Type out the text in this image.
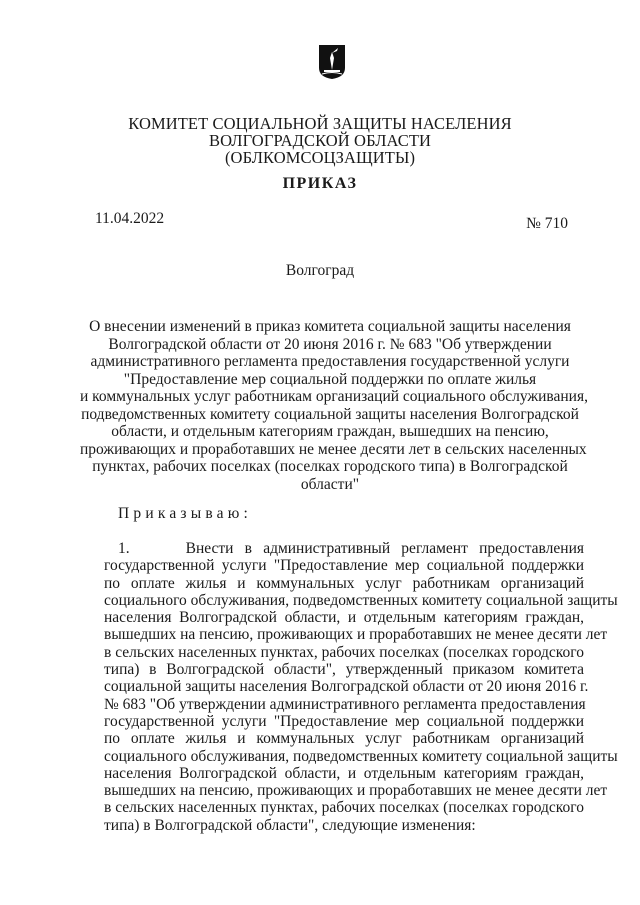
КОМИТЕТ СОЦИАЛЬНОЙ ЗАЩИТЫ НАСЕЛЕНИЯ
ВОЛГОГРАДСКОЙ ОБЛАСТИ
(ОБЛКОМСОЦЗАЩИТЫ)
ПРИКАЗ
11.04.2022	№ 710
Волгоград
О внесении изменений в приказ комитета социальной защиты населения
Волгоградской области от 20 июня 2016 г. № 683 "Об утверждении
административного регламента предоставления государственной услуги
"Предоставление мер социальной поддержки по оплате жилья
и коммунальных услуг работникам организаций социального обслуживания,
подведомственных комитету социальной защиты населения Волгоградской
области, и отдельным категориям граждан, вышедших на пенсию,
проживающих и проработавших не менее десяти лет в сельских населенных
пунктах, рабочих поселках (поселках городского типа) в Волгоградской
области"
Приказываю:
1.     Внести в административный регламент предоставления
государственной услуги "Предоставление мер социальной поддержки
по оплате жилья и коммунальных услуг работникам организаций
социального обслуживания, подведомственных комитету социальной защиты
населения Волгоградской области, и отдельным категориям граждан,
вышедших на пенсию, проживающих и проработавших не менее десяти лет
в сельских населенных пунктах, рабочих поселках (поселках городского
типа) в Волгоградской области", утвержденный приказом комитета
социальной защиты населения Волгоградской области от 20 июня 2016 г.
№ 683 "Об утверждении административного регламента предоставления
государственной услуги "Предоставление мер социальной поддержки
по оплате жилья и коммунальных услуг работникам организаций
социального обслуживания, подведомственных комитету социальной защиты
населения Волгоградской области, и отдельным категориям граждан,
вышедших на пенсию, проживающих и проработавших не менее десяти лет
в сельских населенных пунктах, рабочих поселках (поселках городского
типа) в Волгоградской области", следующие изменения:
